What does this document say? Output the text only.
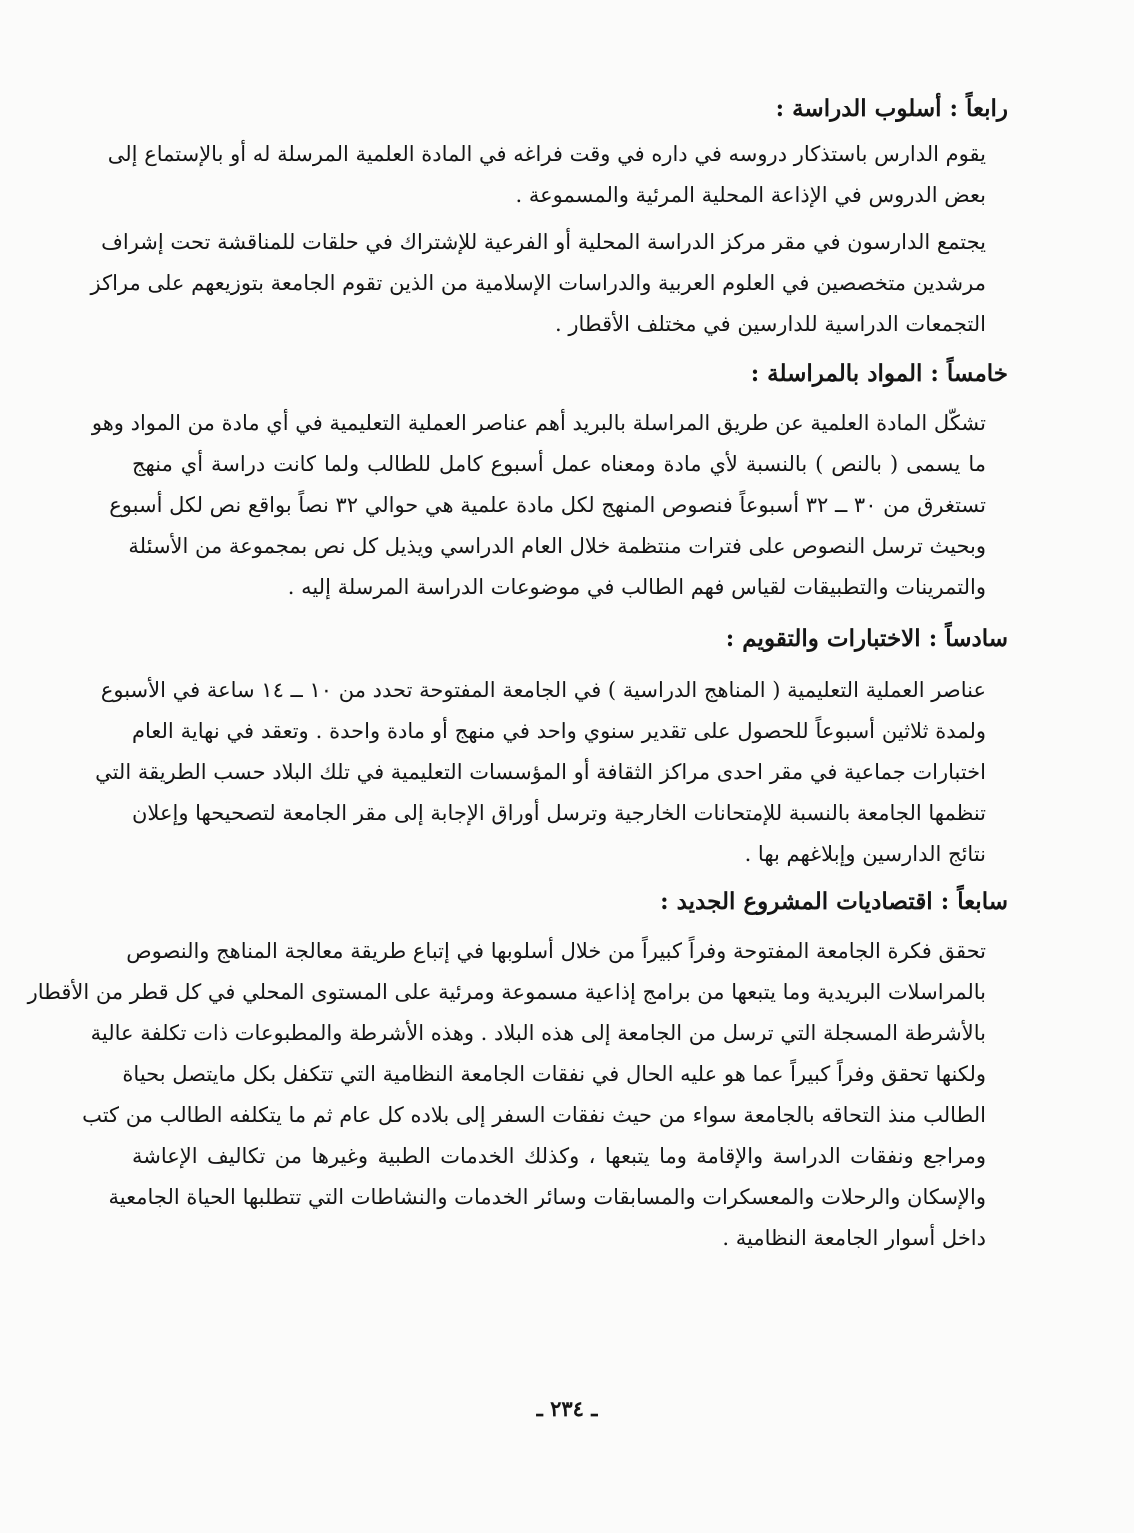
رابعاً : أسلوب الدراسة :

يقوم الدارس باستذكار دروسه في داره في وقت فراغه في المادة العلمية المرسلة له أو بالإستماع إلى
بعض الدروس في الإذاعة المحلية المرئية والمسموعة .

يجتمع الدارسون في مقر مركز الدراسة المحلية أو الفرعية للإشتراك في حلقات للمناقشة تحت إشراف
مرشدين متخصصين في العلوم العربية والدراسات الإسلامية من الذين تقوم الجامعة بتوزيعهم على مراكز
التجمعات الدراسية للدارسين في مختلف الأقطار .

خامساً : المواد بالمراسلة :

تشكّل المادة العلمية عن طريق المراسلة بالبريد أهم عناصر العملية التعليمية في أي مادة من المواد وهو
ما يسمى ( بالنص ) بالنسبة لأي مادة ومعناه عمل أسبوع كامل للطالب ولما كانت دراسة أي منهج
تستغرق من ٣٠ ــ ٣٢ أسبوعاً فنصوص المنهج لكل مادة علمية هي حوالي ٣٢ نصاً بواقع نص لكل أسبوع
وبحيث ترسل النصوص على فترات منتظمة خلال العام الدراسي ويذيل كل نص بمجموعة من الأسئلة
والتمرينات والتطبيقات لقياس فهم الطالب في موضوعات الدراسة المرسلة إليه .

سادساً : الاختبارات والتقويم :

عناصر العملية التعليمية ( المناهج الدراسية ) في الجامعة المفتوحة تحدد من ١٠ ــ ١٤ ساعة في الأسبوع
ولمدة ثلاثين أسبوعاً للحصول على تقدير سنوي واحد في منهج أو مادة واحدة . وتعقد في نهاية العام
اختبارات جماعية في مقر احدى مراكز الثقافة أو المؤسسات التعليمية في تلك البلاد حسب الطريقة التي
تنظمها الجامعة بالنسبة للإمتحانات الخارجية وترسل أوراق الإجابة إلى مقر الجامعة لتصحيحها وإعلان
نتائج الدارسين وإبلاغهم بها .

سابعاً : اقتصاديات المشروع الجديد :

تحقق فكرة الجامعة المفتوحة وفراً كبيراً من خلال أسلوبها في إتباع طريقة معالجة المناهج والنصوص
بالمراسلات البريدية وما يتبعها من برامج إذاعية مسموعة ومرئية على المستوى المحلي في كل قطر من الأقطار
بالأشرطة المسجلة التي ترسل من الجامعة إلى هذه البلاد . وهذه الأشرطة والمطبوعات ذات تكلفة عالية
ولكنها تحقق وفراً كبيراً عما هو عليه الحال في نفقات الجامعة النظامية التي تتكفل بكل مايتصل بحياة
الطالب منذ التحاقه بالجامعة سواء من حيث نفقات السفر إلى بلاده كل عام ثم ما يتكلفه الطالب من كتب
ومراجع ونفقات الدراسة والإقامة وما يتبعها ، وكذلك الخدمات الطبية وغيرها من تكاليف الإعاشة
والإسكان والرحلات والمعسكرات والمسابقات وسائر الخدمات والنشاطات التي تتطلبها الحياة الجامعية
داخل أسوار الجامعة النظامية .

ـ ٢٣٤ ـ
